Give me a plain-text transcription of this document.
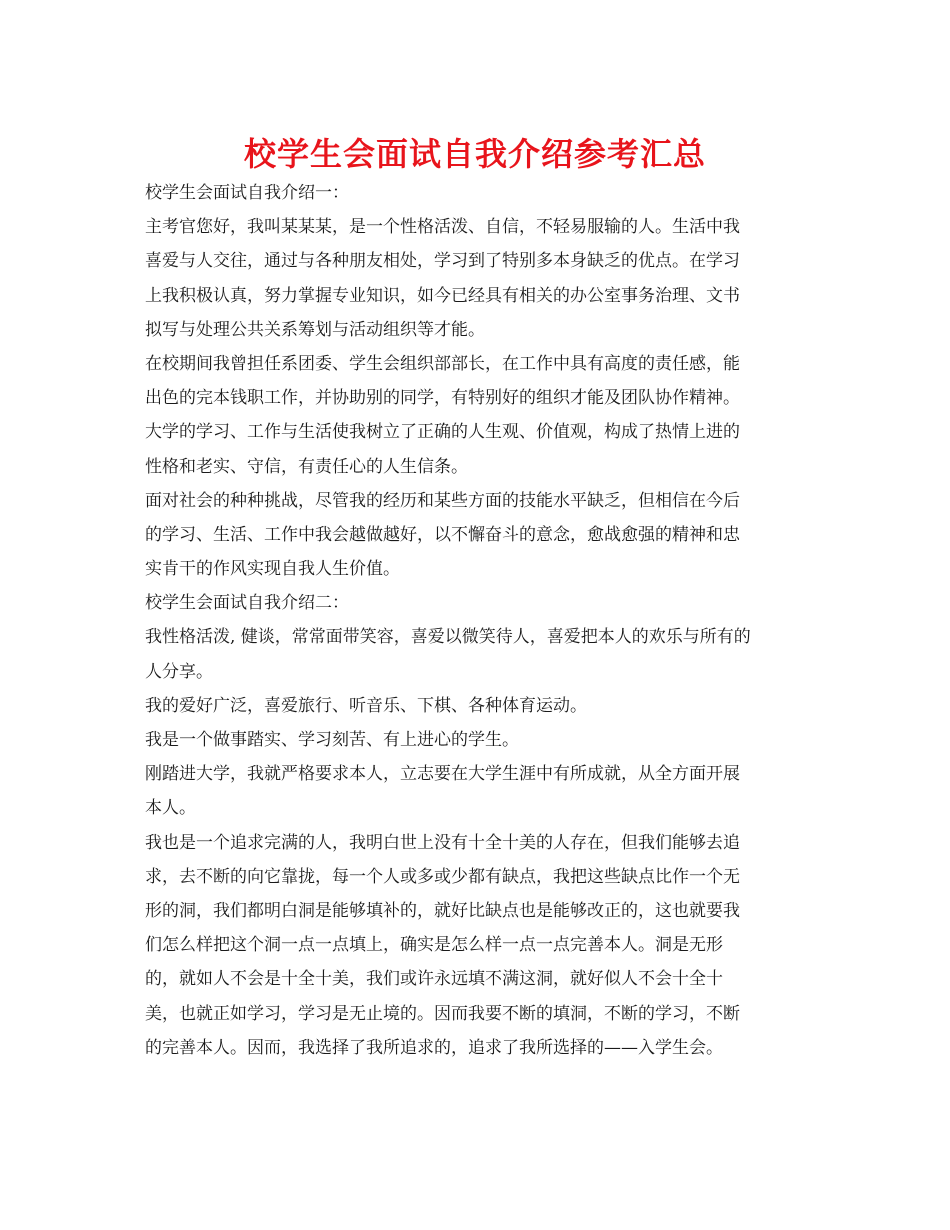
校学生会面试自我介绍参考汇总
校学生会面试自我介绍一：
主考官您好，我叫某某某，是一个性格活泼、自信，不轻易服输的人。生活中我
喜爱与人交往，通过与各种朋友相处，学习到了特别多本身缺乏的优点。在学习
上我积极认真，努力掌握专业知识，如今已经具有相关的办公室事务治理、文书
拟写与处理公共关系筹划与活动组织等才能。
在校期间我曾担任系团委、学生会组织部部长，在工作中具有高度的责任感，能
出色的完本钱职工作，并协助别的同学，有特别好的组织才能及团队协作精神。
大学的学习、工作与生活使我树立了正确的人生观、价值观，构成了热情上进的
性格和老实、守信，有责任心的人生信条。
面对社会的种种挑战，尽管我的经历和某些方面的技能水平缺乏，但相信在今后
的学习、生活、工作中我会越做越好，以不懈奋斗的意念，愈战愈强的精神和忠
实肯干的作风实现自我人生价值。
校学生会面试自我介绍二：
我性格活泼, 健谈，常常面带笑容，喜爱以微笑待人，喜爱把本人的欢乐与所有的
人分享。
我的爱好广泛，喜爱旅行、听音乐、下棋、各种体育运动。
我是一个做事踏实、学习刻苦、有上进心的学生。
刚踏进大学，我就严格要求本人，立志要在大学生涯中有所成就，从全方面开展
本人。
我也是一个追求完满的人，我明白世上没有十全十美的人存在，但我们能够去追
求，去不断的向它靠拢，每一个人或多或少都有缺点，我把这些缺点比作一个无
形的洞，我们都明白洞是能够填补的，就好比缺点也是能够改正的，这也就要我
们怎么样把这个洞一点一点填上，确实是怎么样一点一点完善本人。洞是无形
的，就如人不会是十全十美，我们或许永远填不满这洞，就好似人不会十全十
美，也就正如学习，学习是无止境的。因而我要不断的填洞，不断的学习，不断
的完善本人。因而，我选择了我所追求的，追求了我所选择的——入学生会。
